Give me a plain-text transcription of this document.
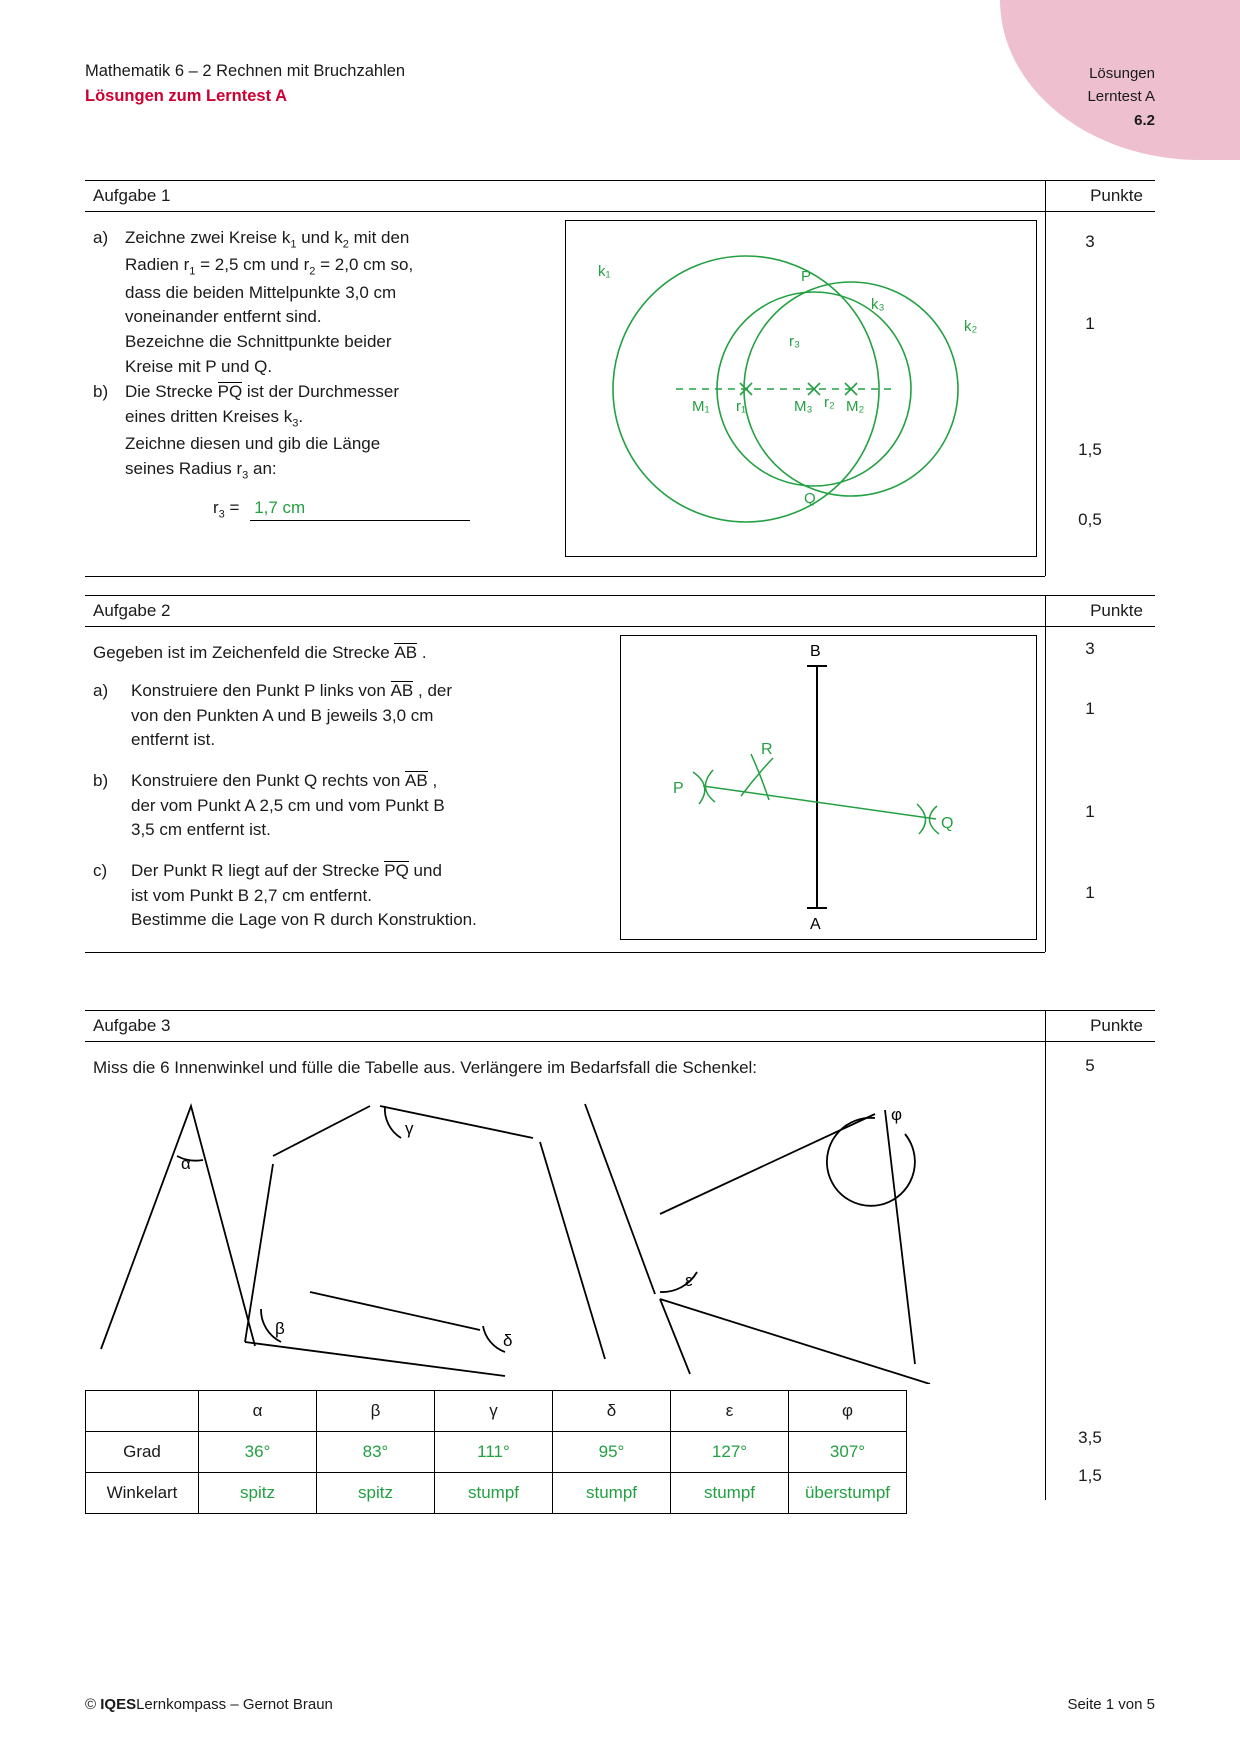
Mathematik 6 – 2 Rechnen mit Bruchzahlen
Lösungen zum Lerntest A
Lösungen
Lerntest A
6.2
Aufgabe 1	Punkte
a) Zeichne zwei Kreise $k_1$ und $k_2$ mit den
Radien $r_1 = 2,5$ cm und $r_2 = 2,0$ cm so,
dass die beiden Mittelpunkte 3,0 cm
voneinander entfernt sind.
Bezeichne die Schnittpunkte beider
Kreise mit P und Q.
b) Die Strecke PQ ist der Durchmesser
eines dritten Kreises $k_3$.
Zeichne diesen und gib die Länge
seines Radius $r_3$ an:
$r_3 = 1,7$ cm
k₁
k₂
k₃
P
Q
M₁	M₃ M₂
r₁	r₂
r₃
3
1
1,5
0,5
Aufgabe 2	Punkte
Gegeben ist im Zeichenfeld die Strecke AB .
a) Konstruiere den Punkt P links von AB , der
von den Punkten A und B jeweils 3,0 cm
entfernt ist.
b) Konstruiere den Punkt Q rechts von AB ,
der vom Punkt A 2,5 cm und vom Punkt B
3,5 cm entfernt ist.
c) Der Punkt R liegt auf der Strecke PQ und
ist vom Punkt B 2,7 cm entfernt.
Bestimme die Lage von R durch Konstruktion.
B
A
P
Q
R
3
1
1
1
Aufgabe 3	Punkte
Miss die 6 Innenwinkel und fülle die Tabelle aus. Verlängere im Bedarfsfall die Schenkel:	5
α
β
γ
δ
ε
φ
	α	β	γ	δ	ε	φ
Grad	36°	83°	111°	95°	127°	307°
Winkelart	spitz	spitz	stumpf	stumpf	stumpf	überstumpf
3,5
1,5
© IQESLernkompass – Gernot Braun	Seite 1 von 5
